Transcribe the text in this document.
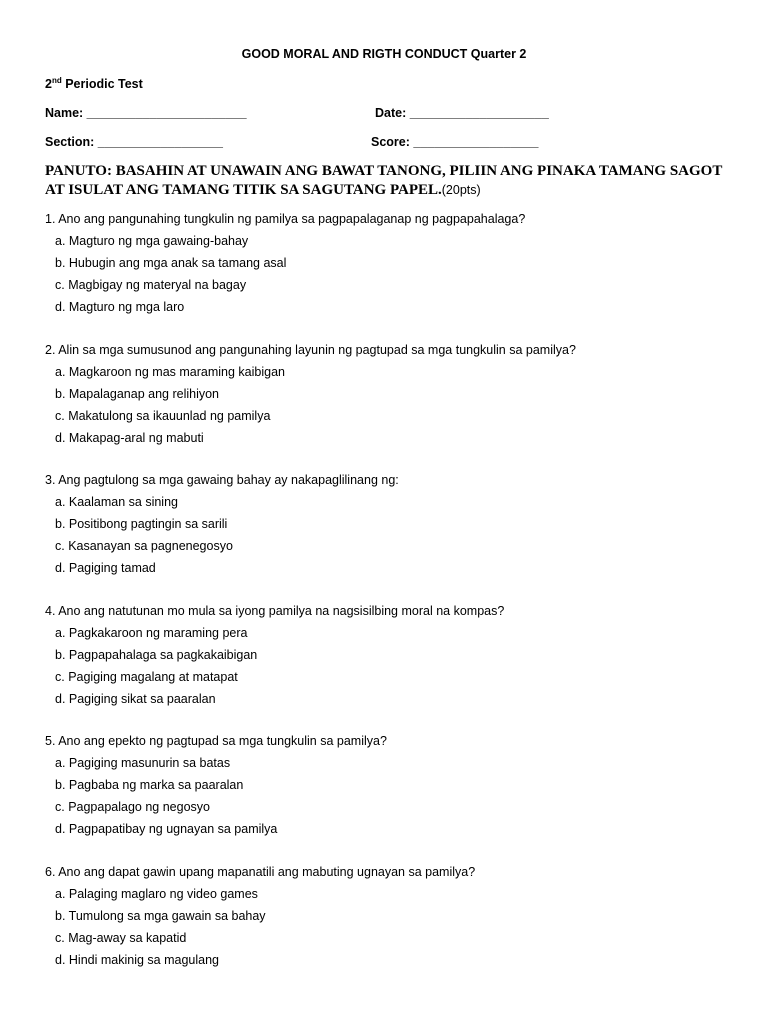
GOOD MORAL AND RIGTH CONDUCT Quarter 2
2nd Periodic Test
Name: _______________________	Date: ____________________
Section: __________________	Score: __________________
PANUTO: BASAHIN AT UNAWAIN ANG BAWAT TANONG, PILIIN ANG PINAKA TAMANG SAGOT AT ISULAT ANG TAMANG TITIK SA SAGUTANG PAPEL.(20pts)
1. Ano ang pangunahing tungkulin ng pamilya sa pagpapalaganap ng pagpapahalaga?
a. Magturo ng mga gawaing-bahay
b. Hubugin ang mga anak sa tamang asal
c. Magbigay ng materyal na bagay
d. Magturo ng mga laro
2. Alin sa mga sumusunod ang pangunahing layunin ng pagtupad sa mga tungkulin sa pamilya?
a. Magkaroon ng mas maraming kaibigan
b. Mapalaganap ang relihiyon
c. Makatulong sa ikauunlad ng pamilya
d. Makapag-aral ng mabuti
3. Ang pagtulong sa mga gawaing bahay ay nakapaglilinang ng:
a. Kaalaman sa sining
b. Positibong pagtingin sa sarili
c. Kasanayan sa pagnenegosyo
d. Pagiging tamad
4. Ano ang natutunan mo mula sa iyong pamilya na nagsisilbing moral na kompas?
a. Pagkakaroon ng maraming pera
b. Pagpapahalaga sa pagkakaibigan
c. Pagiging magalang at matapat
d. Pagiging sikat sa paaralan
5. Ano ang epekto ng pagtupad sa mga tungkulin sa pamilya?
a. Pagiging masunurin sa batas
b. Pagbaba ng marka sa paaralan
c. Pagpapalago ng negosyo
d. Pagpapatibay ng ugnayan sa pamilya
6. Ano ang dapat gawin upang mapanatili ang mabuting ugnayan sa pamilya?
a. Palaging maglaro ng video games
b. Tumulong sa mga gawain sa bahay
c. Mag-away sa kapatid
d. Hindi makinig sa magulang
